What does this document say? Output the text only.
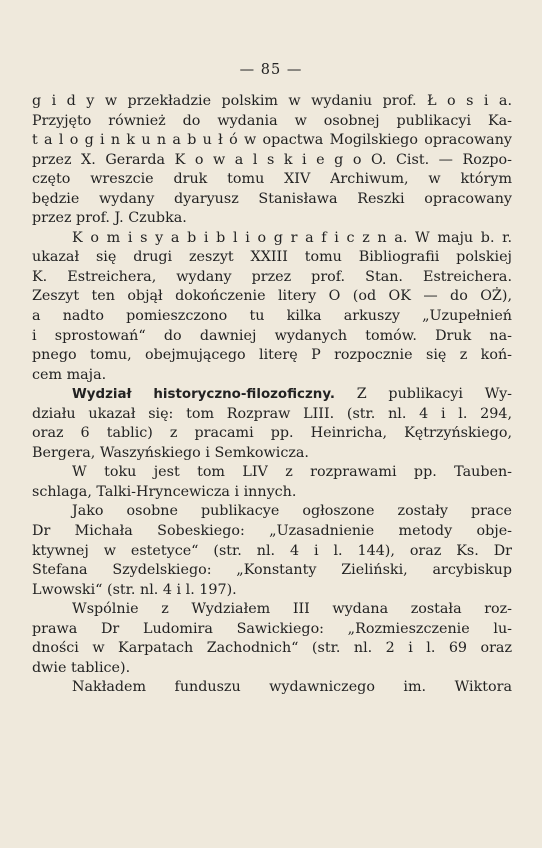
— 85 —
g i d y w przekładzie polskim w wydaniu prof. Ł o s i a.
Przyjęto również do wydania w osobnej publikacyi Ka-
t a l o g i n k u n a b u ł ó w opactwa Mogilskiego opracowany
przez X. Gerarda K o w a l s k i e g o O. Cist. — Rozpo-
częto wreszcie druk tomu XIV Archiwum, w którym
będzie wydany dyaryusz Stanisława Reszki opracowany
przez prof. J. Czubka.
K o m i s y a b i b l i o g r a f i c z n a. W maju b. r.
ukazał się drugi zeszyt XXIII tomu Bibliografii polskiej
K. Estreichera, wydany przez prof. Stan. Estreichera.
Zeszyt ten objął dokończenie litery O (od OK — do OŻ),
a nadto pomieszczono tu kilka arkuszy „Uzupełnień
i sprostowań“ do dawniej wydanych tomów. Druk na-
pnego tomu, obejmującego literę P rozpocznie się z koń-
cem maja.
Wydział historyczno-filozoficzny. Z publikacyi Wy-
działu ukazał się: tom Rozpraw LIII. (str. nl. 4 i l. 294,
oraz 6 tablic) z pracami pp. Heinricha, Kętrzyńskiego,
Bergera, Waszyńskiego i Semkowicza.
W toku jest tom LIV z rozprawami pp. Tauben-
schlaga, Talki-Hryncewicza i innych.
Jako osobne publikacye ogłoszone zostały prace
Dr Michała Sobeskiego: „Uzasadnienie metody obje-
ktywnej w estetyce“ (str. nl. 4 i l. 144), oraz Ks. Dr
Stefana Szydelskiego: „Konstanty Zieliński, arcybiskup
Lwowski“ (str. nl. 4 i l. 197).
Wspólnie z Wydziałem III wydana została roz-
prawa Dr Ludomira Sawickiego: „Rozmieszczenie lu-
dności w Karpatach Zachodnich“ (str. nl. 2 i l. 69 oraz
dwie tablice).
Nakładem funduszu wydawniczego im. Wiktora
